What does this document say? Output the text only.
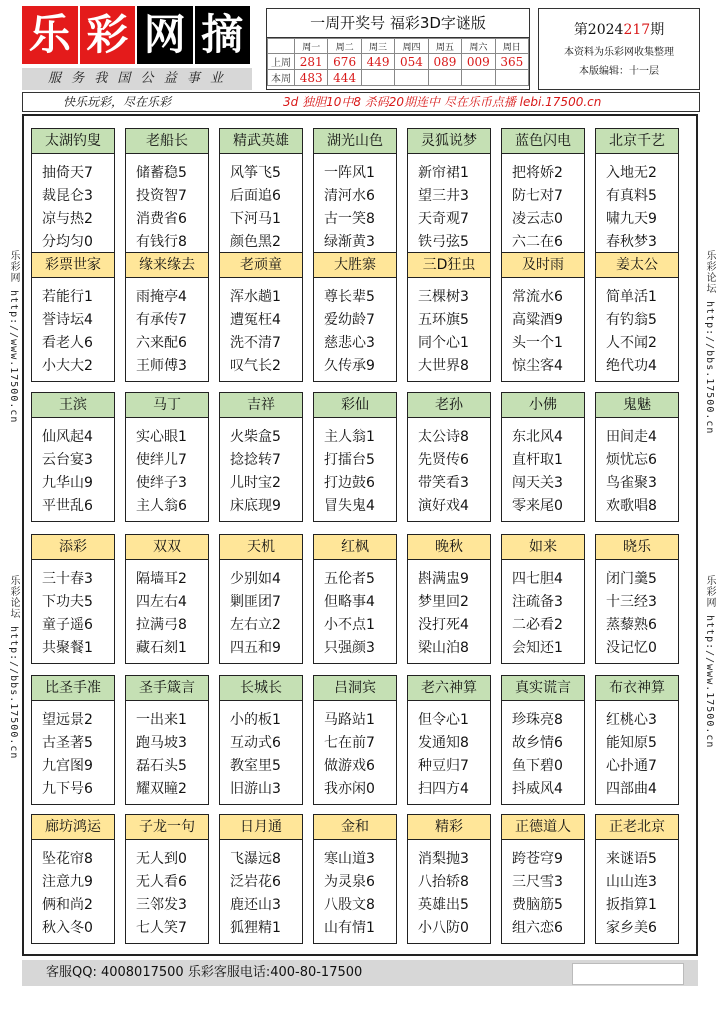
乐 彩 网 摘
服 务 我 国 公 益 事 业
一周开奖号 福彩3D字谜版
	周一	周二	周三	周四	周五	周六	周日
上周	281	676	449	054	089	009	365
本周	483	444					
第2024217期
本资料为乐彩网收集整理
本版编辑：十一层
快乐玩彩，尽在乐彩	3d 独胆10中8 杀码20期连中 尽在乐币点播 lebi.17500.cn
乐彩网 http://www.17500.cn
乐彩论坛 http://bbs.17500.cn
乐彩论坛 http://bbs.17500.cn
乐彩网 http://www.17500.cn
太湖钓叟
抽倚天7
裁昆仑3
凉与热2
分均匀0
老船长
储蓄稳5
投资智7
消费省6
有钱行8
精武英雄
风筝飞5
后面追6
下河马1
颜色黑2
湖光山色
一阵风1
清河水6
古一笑8
绿渐黄3
灵狐说梦
新帘裙1
望三井3
天奇观7
铁弓弦5
蓝色闪电
把将娇2
防七对7
凌云志0
六二在6
北京千艺
入地无2
有真料5
啸九天9
春秋梦3
彩票世家
若能行1
誉诗坛4
看老人6
小大大2
缘来缘去
雨掩亭4
有承传7
六来配6
王师傅3
老顽童
浑水趟1
遭冤枉4
洗不清7
叹气长2
大胜寨
尊长辈5
爱幼龄7
慈悲心3
久传承9
三D狂虫
三棵树3
五环旗5
同个心1
大世界8
及时雨
常流水6
高粱酒9
头一个1
惊尘客4
姜太公
简单活1
有钓翁5
人不闻2
绝代功4
王滨
仙风起4
云台宴3
九华山9
平世乱6
马丁
实心眼1
使绊儿7
使绊子3
主人翁6
吉祥
火柴盒5
捻捻转7
儿时宝2
床底现9
彩仙
主人翁1
打擂台5
打边鼓6
冒失鬼4
老孙
太公诗8
先贤传6
带笑看3
演好戏4
小佛
东北风4
直杆取1
闯天关3
零来尾0
鬼魅
田间走4
烦忧忘6
鸟雀聚3
欢歌唱8
添彩
三十春3
下功夫5
童子遥6
共聚餐1
双双
隔墙耳2
四左右4
拉满弓8
藏石刻1
天机
少别如4
剿匪团7
左右立2
四五和9
红枫
五伦者5
但略事4
小不点1
只强颜3
晚秋
斟满盅9
梦里回2
没打死4
梁山泊8
如来
四七胆4
注疏备3
二必看2
会知还1
晓乐
闭门羹5
十三经3
蒸藜熟6
没记忆0
比圣手准
望远景2
古圣著5
九宫图9
九下号6
圣手箴言
一出来1
跑马坡3
磊石头5
耀双瞳2
长城长
小的板1
互动式6
教室里5
旧游山3
吕洞宾
马路站1
七在前7
做游戏6
我亦闲0
老六神算
但令心1
发通知8
种豆归7
扫四方4
真实谎言
珍珠亮8
故乡情6
鱼下碧0
抖威风4
布衣神算
红桃心3
能知原5
心扑通7
四部曲4
廊坊鸿运
坠花帘8
注意九9
俩和尚2
秋入冬0
子龙一句
无人到0
无人看6
三邻发3
七人笑7
日月通
飞瀑远8
泛岩花6
鹿还山3
狐狸精1
金和
寒山道3
为灵泉6
八股文8
山有情1
精彩
消梨抛3
八抬轿8
英雄出5
小八防0
正德道人
跨苍穹9
三尺雪3
费脑筋5
组六恋6
正老北京
来谜语5
山山连3
扳指算1
家乡美6
客服QQ: 4008017500 乐彩客服电话:400-80-17500
